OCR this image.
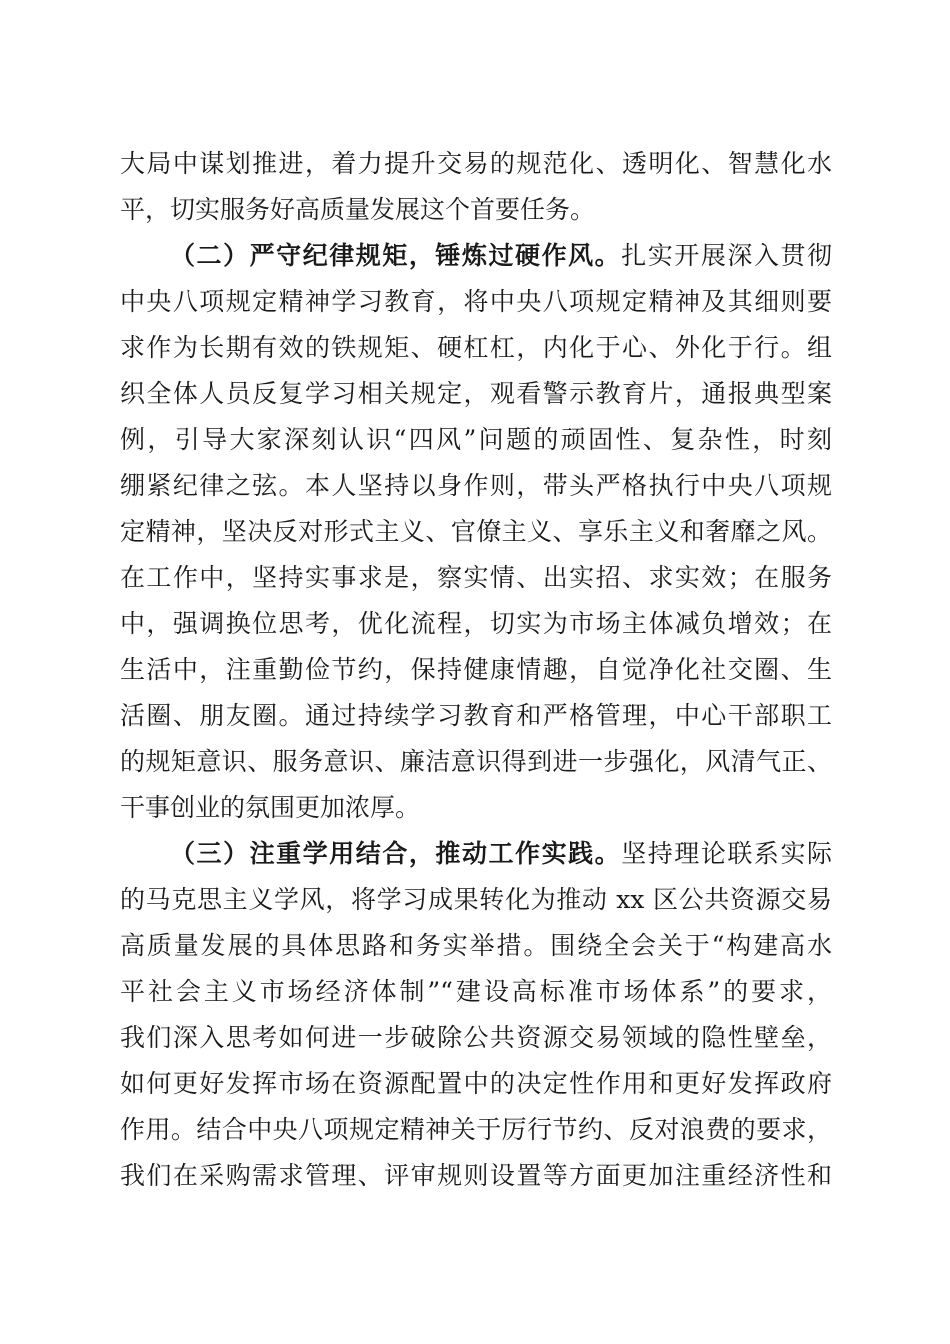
大局中谋划推进，着力提升交易的规范化、透明化、智慧化水
平，切实服务好高质量发展这个首要任务。
（二）严守纪律规矩，锤炼过硬作风。扎实开展深入贯彻
中央八项规定精神学习教育，将中央八项规定精神及其细则要
求作为长期有效的铁规矩、硬杠杠，内化于心、外化于行。组
织全体人员反复学习相关规定，观看警示教育片，通报典型案
例，引导大家深刻认识“四风”问题的顽固性、复杂性，时刻
绷紧纪律之弦。本人坚持以身作则，带头严格执行中央八项规
定精神，坚决反对形式主义、官僚主义、享乐主义和奢靡之风。
在工作中，坚持实事求是，察实情、出实招、求实效；在服务
中，强调换位思考，优化流程，切实为市场主体减负增效；在
生活中，注重勤俭节约，保持健康情趣，自觉净化社交圈、生
活圈、朋友圈。通过持续学习教育和严格管理，中心干部职工
的规矩意识、服务意识、廉洁意识得到进一步强化，风清气正、
干事创业的氛围更加浓厚。
（三）注重学用结合，推动工作实践。坚持理论联系实际
的马克思主义学风，将学习成果转化为推动 xx 区公共资源交易
高质量发展的具体思路和务实举措。围绕全会关于“构建高水
平社会主义市场经济体制”“建设高标准市场体系”的要求，
我们深入思考如何进一步破除公共资源交易领域的隐性壁垒，
如何更好发挥市场在资源配置中的决定性作用和更好发挥政府
作用。结合中央八项规定精神关于厉行节约、反对浪费的要求，
我们在采购需求管理、评审规则设置等方面更加注重经济性和
